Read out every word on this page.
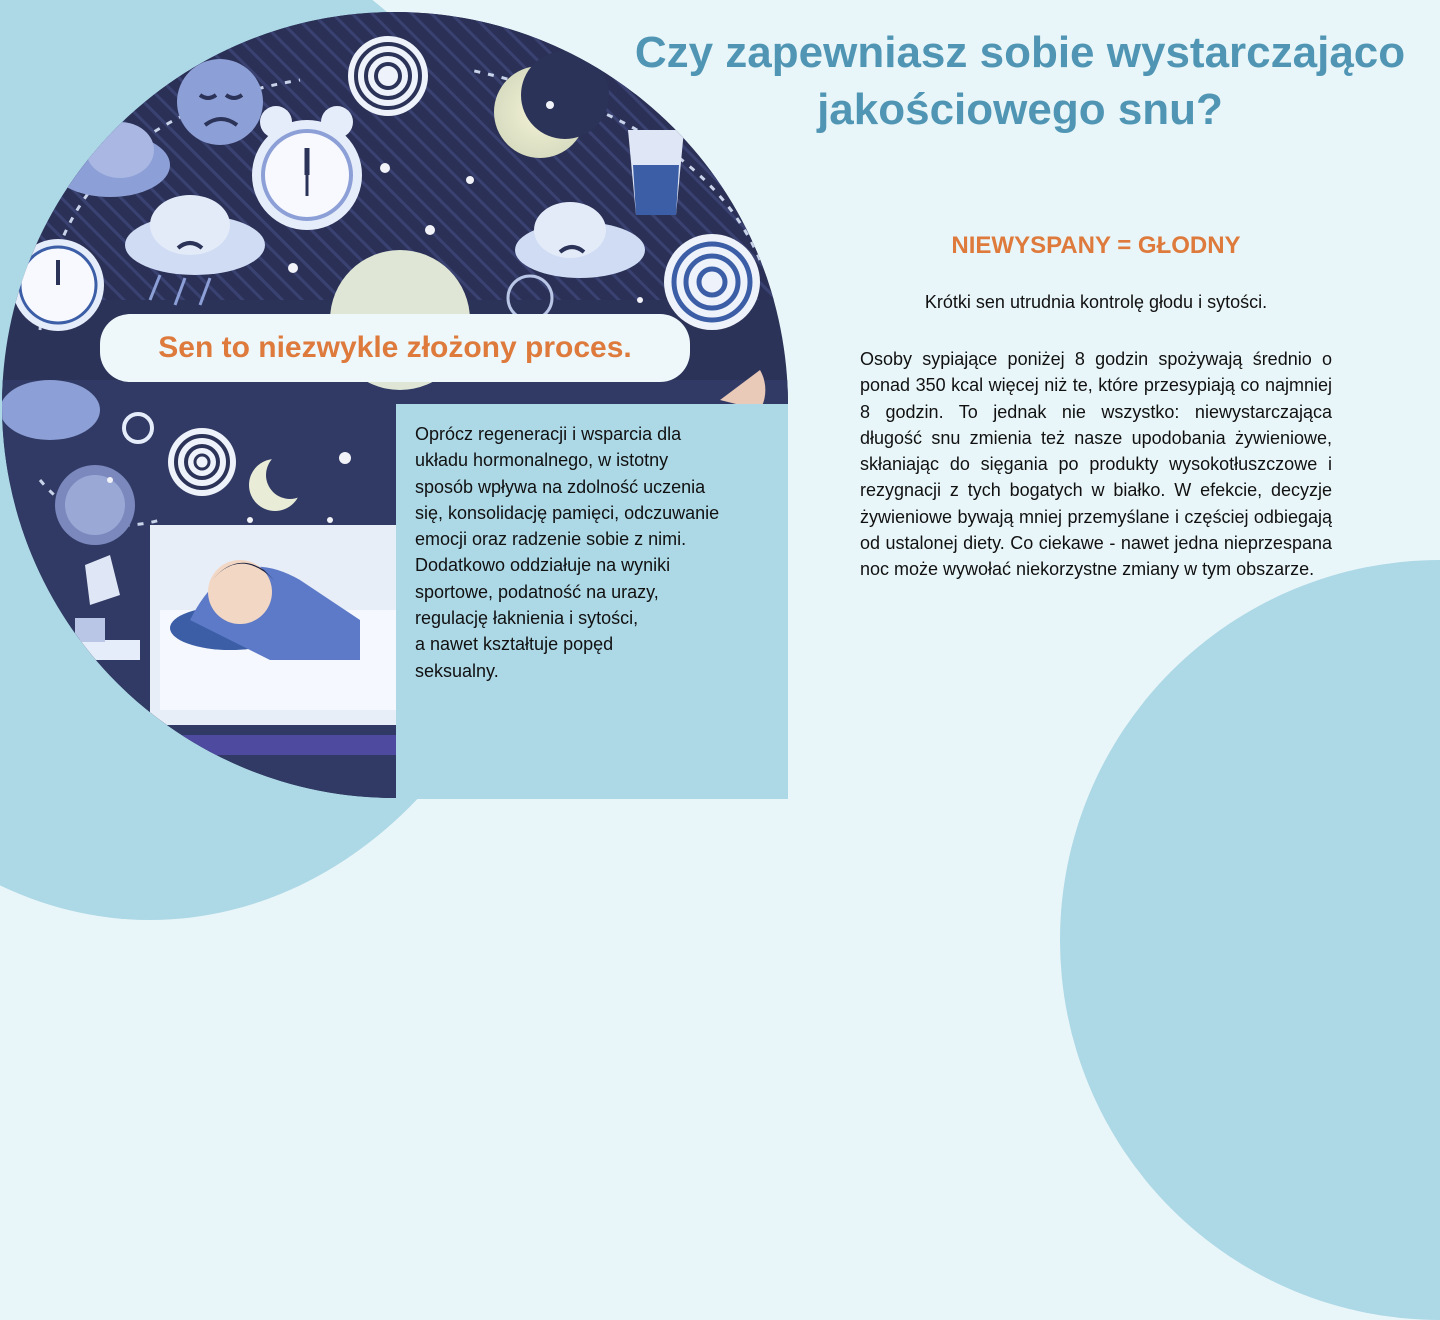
Czy zapewniasz sobie wystarczająco jakościowego snu?
Sen to niezwykle złożony proces.

Oprócz regeneracji i wsparcia dla
układu hormonalnego, w istotny
sposób wpływa na zdolność uczenia
się, konsolidację pamięci, odczuwanie
emocji oraz radzenie sobie z nimi.
Dodatkowo oddziałuje na wyniki
sportowe, podatność na urazy,
regulację łaknienia i sytości,
a nawet kształtuje popęd
seksualny.

NIEWYSPANY = GŁODNY

Krótki sen utrudnia kontrolę głodu i sytości.

Osoby sypiające poniżej 8 godzin spożywają średnio o ponad 350 kcal więcej niż te, które przesypiają co najmniej 8 godzin. To jednak nie wszystko: niewystarczająca długość snu zmienia też nasze upodobania żywieniowe, skłaniając do sięgania po produkty wysokotłuszczowe i rezygnacji z tych bogatych w białko. W efekcie, decyzje żywieniowe bywają mniej przemyślane i częściej odbiegają od ustalonej diety. Co ciekawe - nawet jedna nieprzespana noc może wywołać niekorzystne zmiany w tym obszarze.
